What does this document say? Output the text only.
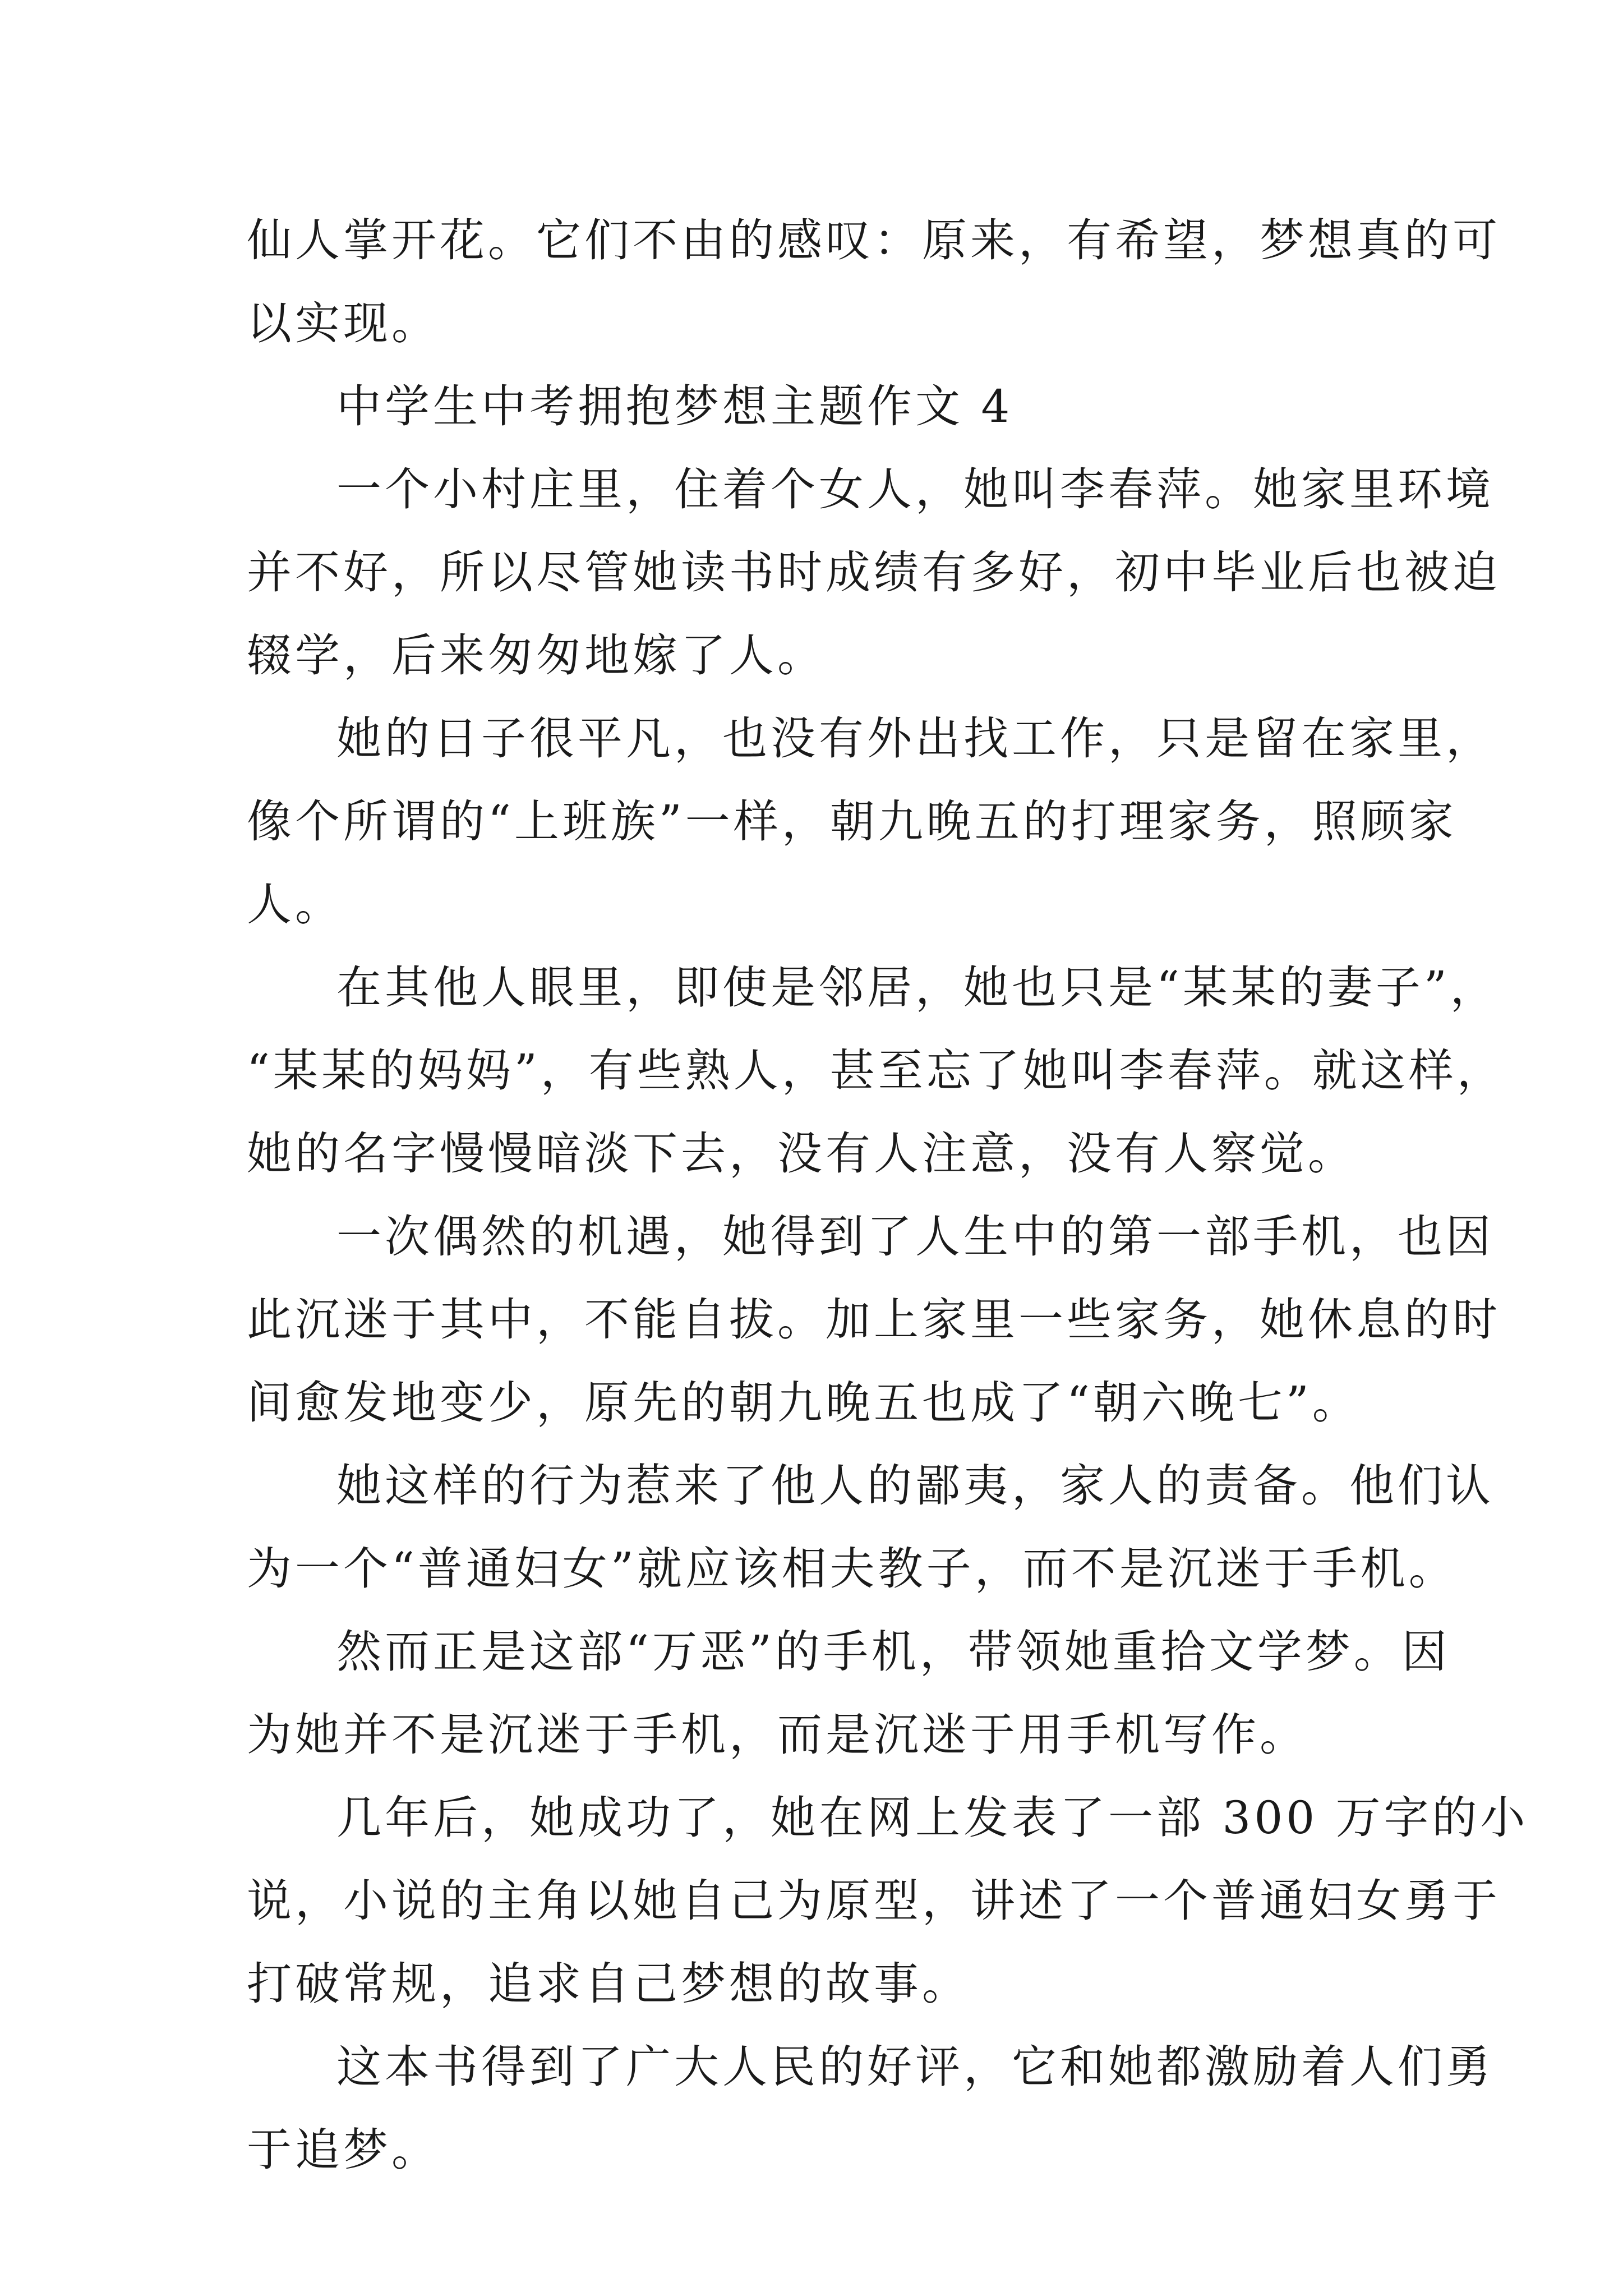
仙人掌开花。它们不由的感叹：原来，有希望，梦想真的可
以实现。
中学生中考拥抱梦想主题作文 4
一个小村庄里，住着个女人，她叫李春萍。她家里环境
并不好，所以尽管她读书时成绩有多好，初中毕业后也被迫
辍学，后来匆匆地嫁了人。
她的日子很平凡，也没有外出找工作，只是留在家里，
像个所谓的“上班族”一样，朝九晚五的打理家务，照顾家
人。
在其他人眼里，即使是邻居，她也只是“某某的妻子”，
“某某的妈妈”，有些熟人，甚至忘了她叫李春萍。就这样，
她的名字慢慢暗淡下去，没有人注意，没有人察觉。
一次偶然的机遇，她得到了人生中的第一部手机，也因
此沉迷于其中，不能自拔。加上家里一些家务，她休息的时
间愈发地变少，原先的朝九晚五也成了“朝六晚七”。
她这样的行为惹来了他人的鄙夷，家人的责备。他们认
为一个“普通妇女”就应该相夫教子，而不是沉迷于手机。
然而正是这部“万恶”的手机，带领她重拾文学梦。因
为她并不是沉迷于手机，而是沉迷于用手机写作。
几年后，她成功了，她在网上发表了一部 300 万字的小
说，小说的主角以她自己为原型，讲述了一个普通妇女勇于
打破常规，追求自己梦想的故事。
这本书得到了广大人民的好评，它和她都激励着人们勇
于追梦。
